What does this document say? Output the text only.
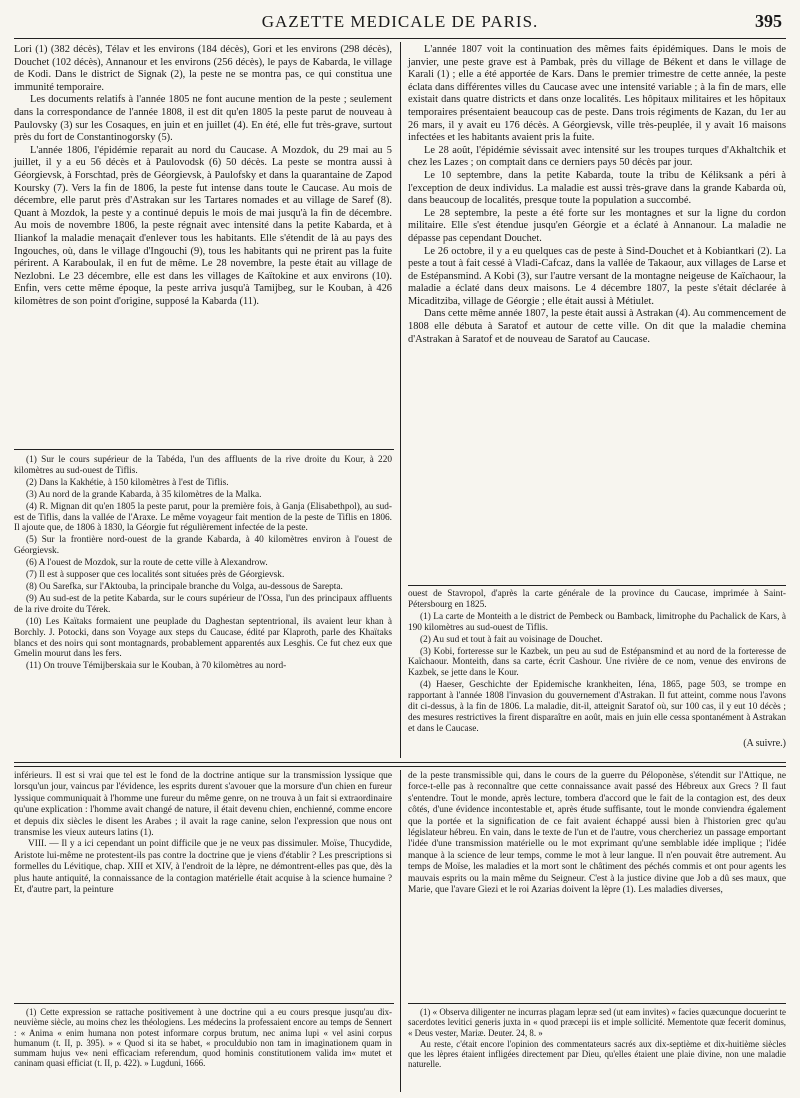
GAZETTE MEDICALE DE PARIS.	395

Lori (1) (382 décès), Télav et les environs (184 décès), Gori et les environs (298 décès), Douchet (102 décès), Annanour et les environs (256 décès), le pays de Kabarda, le village de Kodi. Dans le district de Signak (2), la peste ne se montra pas, ce qui constitua une immunité temporaire.

Les documents relatifs à l'année 1805 ne font aucune mention de la peste ; seulement dans la correspondance de l'année 1808, il est dit qu'en 1805 la peste parut de nouveau à Paulovsky (3) sur les Cosaques, en juin et en juillet (4). En été, elle fut très-grave, surtout près du fort de Constantinogorsky (5).

L'année 1806, l'épidémie reparait au nord du Caucase. A Mozdok, du 29 mai au 5 juillet, il y a eu 56 décès et à Paulovodsk (6) 50 décès. La peste se montra aussi à Géorgievsk, à Forschtad, près de Géorgievsk, à Paulofsky et dans la quarantaine de Zapod Koursky (7). Vers la fin de 1806, la peste fut intense dans toute le Caucase. Au mois de décembre, elle parut près d'Astrakan sur les Tartares nomades et au village de Saref (8). Quant à Mozdok, la peste y a continué depuis le mois de mai jusqu'à la fin de décembre. Au mois de novembre 1806, la peste régnait avec intensité dans la petite Kabarda, et à Iliankof la maladie menaçait d'enlever tous les habitants. Elle s'étendit de là au pays des Ingouches, où, dans le village d'Ingouchi (9), tous les habitants qui ne prirent pas la fuite périrent. A Karaboulak, il en fut de même. Le 28 novembre, la peste était au village de Nezlobni. Le 23 décembre, elle est dans les villages de Kaïtokine et aux environs (10). Enfin, vers cette même époque, la peste arriva jusqu'à Tamijbeg, sur le Kouban, à 426 kilomètres de son point d'origine, supposé la Kabarda (11).

(1) Sur le cours supérieur de la Tabéda, l'un des affluents de la rive droite du Kour, à 220 kilomètres au sud-ouest de Tiflis.

(2) Dans la Kakhétie, à 150 kilomètres à l'est de Tiflis.

(3) Au nord de la grande Kabarda, à 35 kilomètres de la Malka.

(4) R. Mignan dit qu'en 1805 la peste parut, pour la première fois, à Ganja (Elisabethpol), au sud-est de Tiflis, dans la vallée de l'Araxe. Le même voyageur fait mention de la peste de Tiflis en 1806. Il ajoute que, de 1806 à 1830, la Géorgie fut régulièrement infectée de la peste.

(5) Sur la frontière nord-ouest de la grande Kabarda, à 40 kilomètres environ à l'ouest de Géorgievsk.

(6) A l'ouest de Mozdok, sur la route de cette ville à Alexandrow.

(7) Il est à supposer que ces localités sont situées près de Géorgievsk.

(8) Ou Sarefka, sur l'Aktouba, la principale branche du Volga, au-dessous de Sarepta.

(9) Au sud-est de la petite Kabarda, sur le cours supérieur de l'Ossa, l'un des principaux affluents de la rive droite du Térek.

(10) Les Kaïtaks formaient une peuplade du Daghestan septentrional, ils avaient leur khan à Borchly. J. Potocki, dans son Voyage aux steps du Caucase, édité par Klaproth, parle des Khaïtaks blancs et des noirs qui sont montagnards, probablement apparentés aux Lesghis. Ce fut chez eux que Gmelin mourut dans les fers.

(11) On trouve Témijberskaia sur le Kouban, à 70 kilomètres au nord-

L'année 1807 voit la continuation des mêmes faits épidémiques. Dans le mois de janvier, une peste grave est à Pambak, près du village de Békent et dans le village de Karali (1) ; elle a été apportée de Kars. Dans le premier trimestre de cette année, la peste éclata dans différentes villes du Caucase avec une intensité variable ; à la fin de mars, elle existait dans quatre districts et dans onze localités. Les hôpitaux militaires et les hôpitaux temporaires présentaient beaucoup cas de peste. Dans trois régiments de Kazan, du 1er au 26 mars, il y avait eu 176 décès. A Géorgievsk, ville très-peuplée, il y avait 16 maisons infectées et les habitants avaient pris la fuite.

Le 28 août, l'épidémie sévissait avec intensité sur les troupes turques d'Akhaltchik et chez les Lazes ; on comptait dans ce derniers pays 50 décès par jour.

Le 10 septembre, dans la petite Kabarda, toute la tribu de Kéliksank a péri à l'exception de deux individus. La maladie est aussi très-grave dans la grande Kabarda où, dans beaucoup de localités, presque toute la population a succombé.

Le 28 septembre, la peste a été forte sur les montagnes et sur la ligne du cordon militaire. Elle s'est étendue jusqu'en Géorgie et a éclaté à Annanour. La maladie ne dépasse pas cependant Douchet.

Le 26 octobre, il y a eu quelques cas de peste à Sind-Douchet et à Kobiantkari (2). La peste a tout à fait cessé à Vladi-Cafcaz, dans la vallée de Takaour, aux villages de Larse et de Estépansmind. A Kobi (3), sur l'autre versant de la montagne neigeuse de Kaïchaour, la maladie a éclaté dans deux maisons. Le 4 décembre 1807, la peste s'était déclarée à Micaditziba, village de Géorgie ; elle était aussi à Métiulet.

Dans cette même année 1807, la peste était aussi à Astrakan (4). Au commencement de 1808 elle débuta à Saratof et autour de cette ville. On dit que la maladie chemina d'Astrakan à Saratof et de nouveau de Saratof au Caucase.

ouest de Stavropol, d'après la carte générale de la province du Caucase, imprimée à Saint-Pétersbourg en 1825.

(1) La carte de Monteith a le district de Pembeck ou Bamback, limitrophe du Pachalick de Kars, à 190 kilomètres au sud-ouest de Tiflis.

(2) Au sud et tout à fait au voisinage de Douchet.

(3) Kobi, forteresse sur le Kazbek, un peu au sud de Estépansmind et au nord de la forteresse de Kaïchaour. Monteith, dans sa carte, écrit Cashour. Une rivière de ce nom, venue des environs de Kazbek, se jette dans le Kour.

(4) Haeser, Geschichte der Epidemische krankheiten, Iéna, 1865, page 503, se trompe en rapportant à l'année 1808 l'invasion du gouvernement d'Astrakan. Il fut atteint, comme nous l'avons dit ci-dessus, à la fin de 1806. La maladie, dit-il, atteignit Saratof où, sur 100 cas, il y eut 10 décès ; des mesures restrictives la firent disparaître en août, mais en juin elle cessa spontanément à Astrakan et dans le Caucase.

(A suivre.)

inférieurs. Il est si vrai que tel est le fond de la doctrine antique sur la transmission lyssique que lorsqu'un jour, vaincus par l'évidence, les esprits durent s'avouer que la morsure d'un chien en fureur lyssique communiquait à l'homme une fureur du même genre, on ne trouva à un fait si extraordinaire qu'une explication : l'homme avait changé de nature, il était devenu chien, enchienné, comme encore et depuis dix siècles le disent les Arabes ; il avait la rage canine, selon l'expression que nous ont transmise les vieux auteurs latins (1).

VIII. — Il y a ici cependant un point difficile que je ne veux pas dissimuler. Moïse, Thucydide, Aristote lui-même ne protestent-ils pas contre la doctrine que je viens d'établir ? Les prescriptions si formelles du Lévitique, chap. XIII et XIV, à l'endroit de la lèpre, ne démontrent-elles pas que, dès la plus haute antiquité, la connaissance de la contagion matérielle était acquise à la science humaine ? Et, d'autre part, la peinture

(1) Cette expression se rattache positivement à une doctrine qui a eu cours presque jusqu'au dix-neuvième siècle, au moins chez les théologiens. Les médecins la professaient encore au temps de Sennert : « Anima « enim humana non potest informare corpus brutum, nec anima lupi « vel asini corpus humanum (t. II, p. 395). » « Quod si ita se habet, « proculdubio non tam in imaginationem quam in summam hujus ve« neni efficaciam referendum, quod hominis constitutionem valida im« mutet et caninam quasi efficiat (t. II, p. 422). » Lugduni, 1666.

de la peste transmissible qui, dans le cours de la guerre du Péloponèse, s'étendit sur l'Attique, ne force-t-elle pas à reconnaître que cette connaissance avait passé des Hébreux aux Grecs ? Il faut s'entendre. Tout le monde, après lecture, tombera d'accord que le fait de la contagion est, des deux côtés, d'une évidence incontestable et, après étude suffisante, tout le monde conviendra également que la portée et la signification de ce fait avaient échappé aussi bien à l'historien grec qu'au législateur hébreu. En vain, dans le texte de l'un et de l'autre, vous chercheriez un passage emportant l'idée d'une transmission matérielle ou le mot exprimant qu'une semblable idée implique ; l'idée manque à la science de leur temps, comme le mot à leur langue. Il n'en pouvait être autrement. Au temps de Moïse, les maladies et la mort sont le châtiment des péchés commis et ont pour agents les mauvais esprits ou la main même du Seigneur. C'est à la justice divine que Job a dû ses maux, que Marie, que l'avare Giezi et le roi Azarias doivent la lèpre (1). Les maladies diverses,

(1) « Observa diligenter ne incurras plagam lepræ sed (ut eam invites) « facies quæcunque docuerint te sacerdotes levitici generis juxta in « quod præcepi iis et imple sollicité. Mementote quæ fecerit dominus, « Deus vester, Mariæ. Deuter. 24, 8. »

Au reste, c'était encore l'opinion des commentateurs sacrés aux dix-septième et dix-huitième siècles que les lèpres étaient infligées directement par Dieu, qu'elles étaient une plaie divine, non une maladie naturelle.
